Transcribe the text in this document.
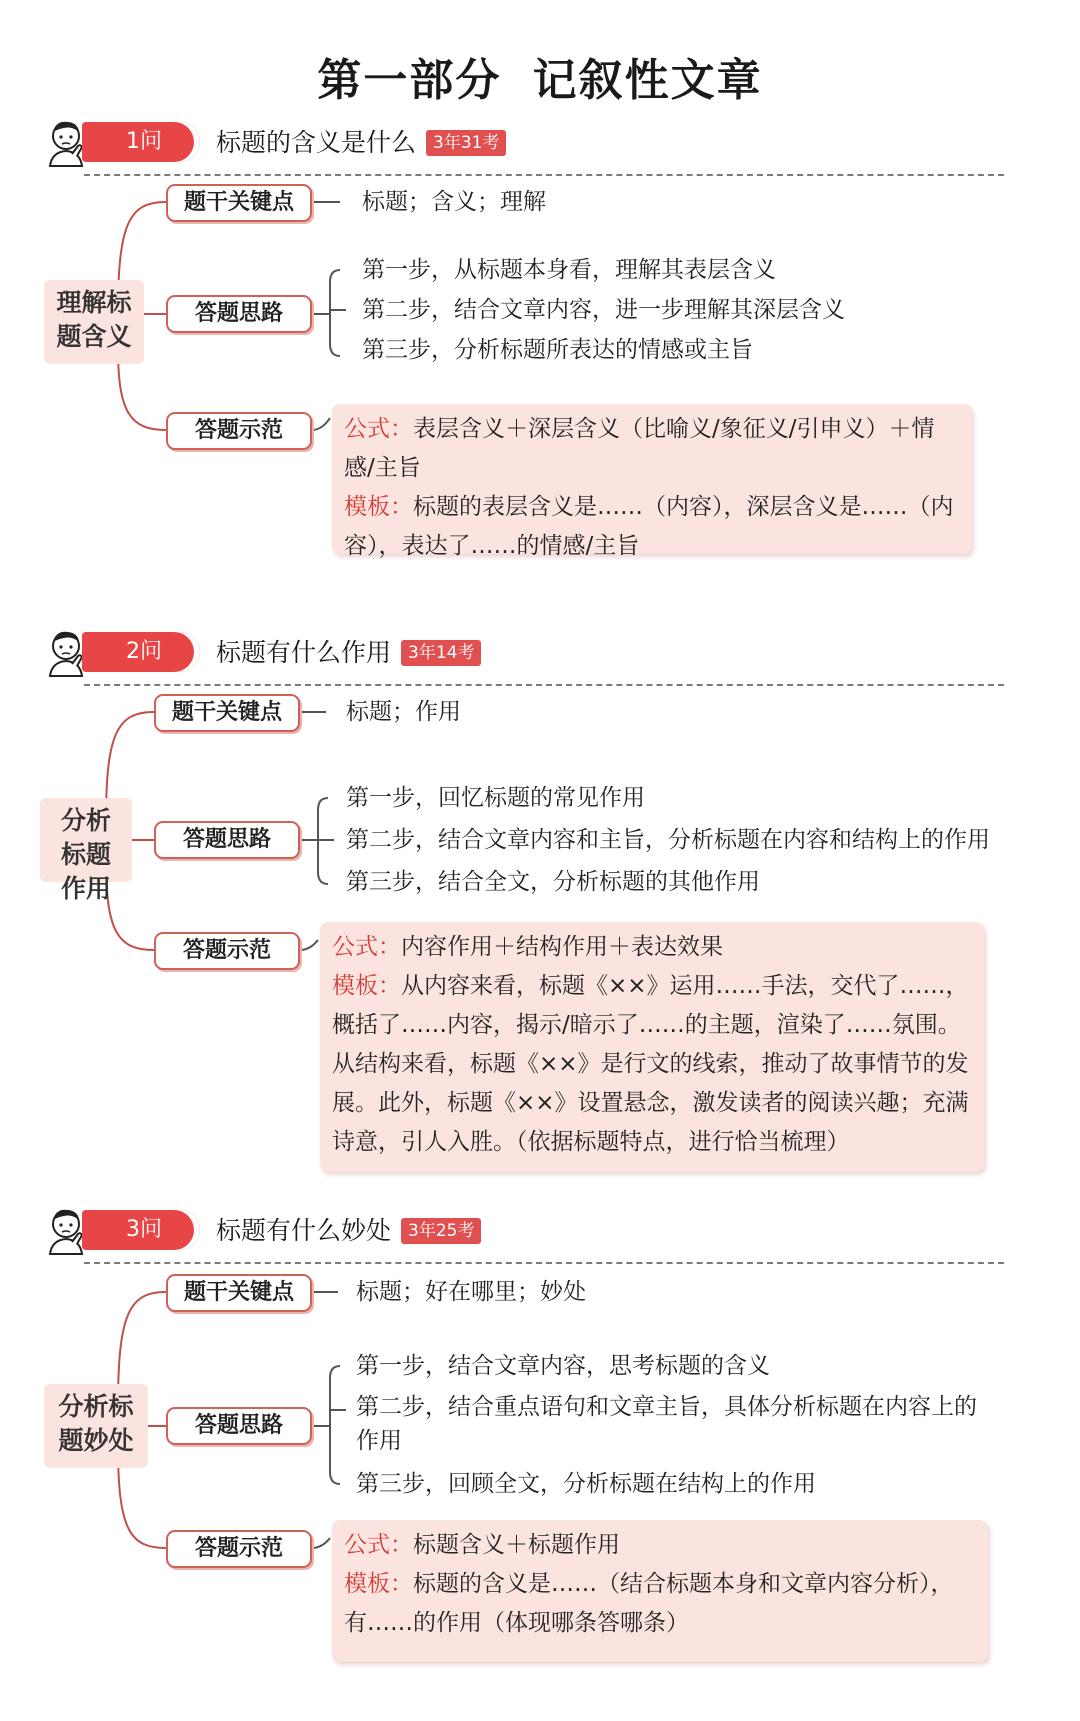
第一部分 记叙性文章
1问	标题的含义是什么 3年31考
理解标题含义
题干关键点	标题；含义；理解
答题思路
第一步，从标题本身看，理解其表层含义
第二步，结合文章内容，进一步理解其深层含义
第三步，分析标题所表达的情感或主旨
答题示范	公式：表层含义＋深层含义（比喻义/象征义/引申义）＋情感/主旨
模板：标题的表层含义是……（内容），深层含义是……（内容），表达了……的情感/主旨
2问	标题有什么作用 3年14考
分析标题作用
题干关键点	标题；作用
答题思路
第一步，回忆标题的常见作用
第二步，结合文章内容和主旨，分析标题在内容和结构上的作用
第三步，结合全文，分析标题的其他作用
答题示范	公式：内容作用＋结构作用＋表达效果
模板：从内容来看，标题《××》运用……手法，交代了……，概括了……内容，揭示/暗示了……的主题，渲染了……氛围。从结构来看，标题《××》是行文的线索，推动了故事情节的发展。此外，标题《××》设置悬念，激发读者的阅读兴趣；充满诗意，引人入胜。（依据标题特点，进行恰当梳理）
3问	标题有什么妙处 3年25考
分析标题妙处
题干关键点	标题；好在哪里；妙处
答题思路
第一步，结合文章内容，思考标题的含义
第二步，结合重点语句和文章主旨，具体分析标题在内容上的作用
第三步，回顾全文，分析标题在结构上的作用
答题示范	公式：标题含义＋标题作用
模板：标题的含义是……（结合标题本身和文章内容分析），有……的作用（体现哪条答哪条）
